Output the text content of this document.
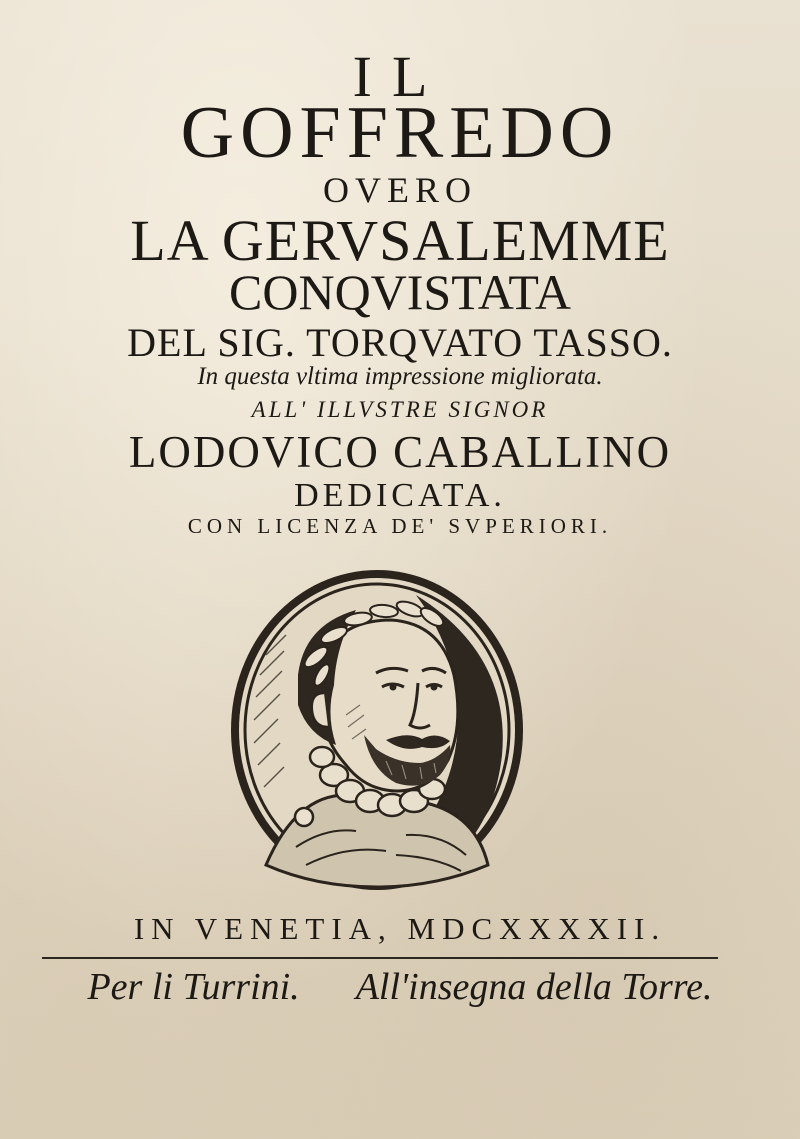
IL
GOFFREDO
OVERO
LA GERVSALEMME
CONQVISTATA
DEL SIG. TORQVATO TASSO.
In questa vltima impressione migliorata.
ALL' ILLVSTRE SIGNOR
LODOVICO CABALLINO
DEDICATA.
CON LICENZA DE' SVPERIORI.
IN VENETIA, MDCXXXXII.
Per li Turrini. All'insegna della Torre.
